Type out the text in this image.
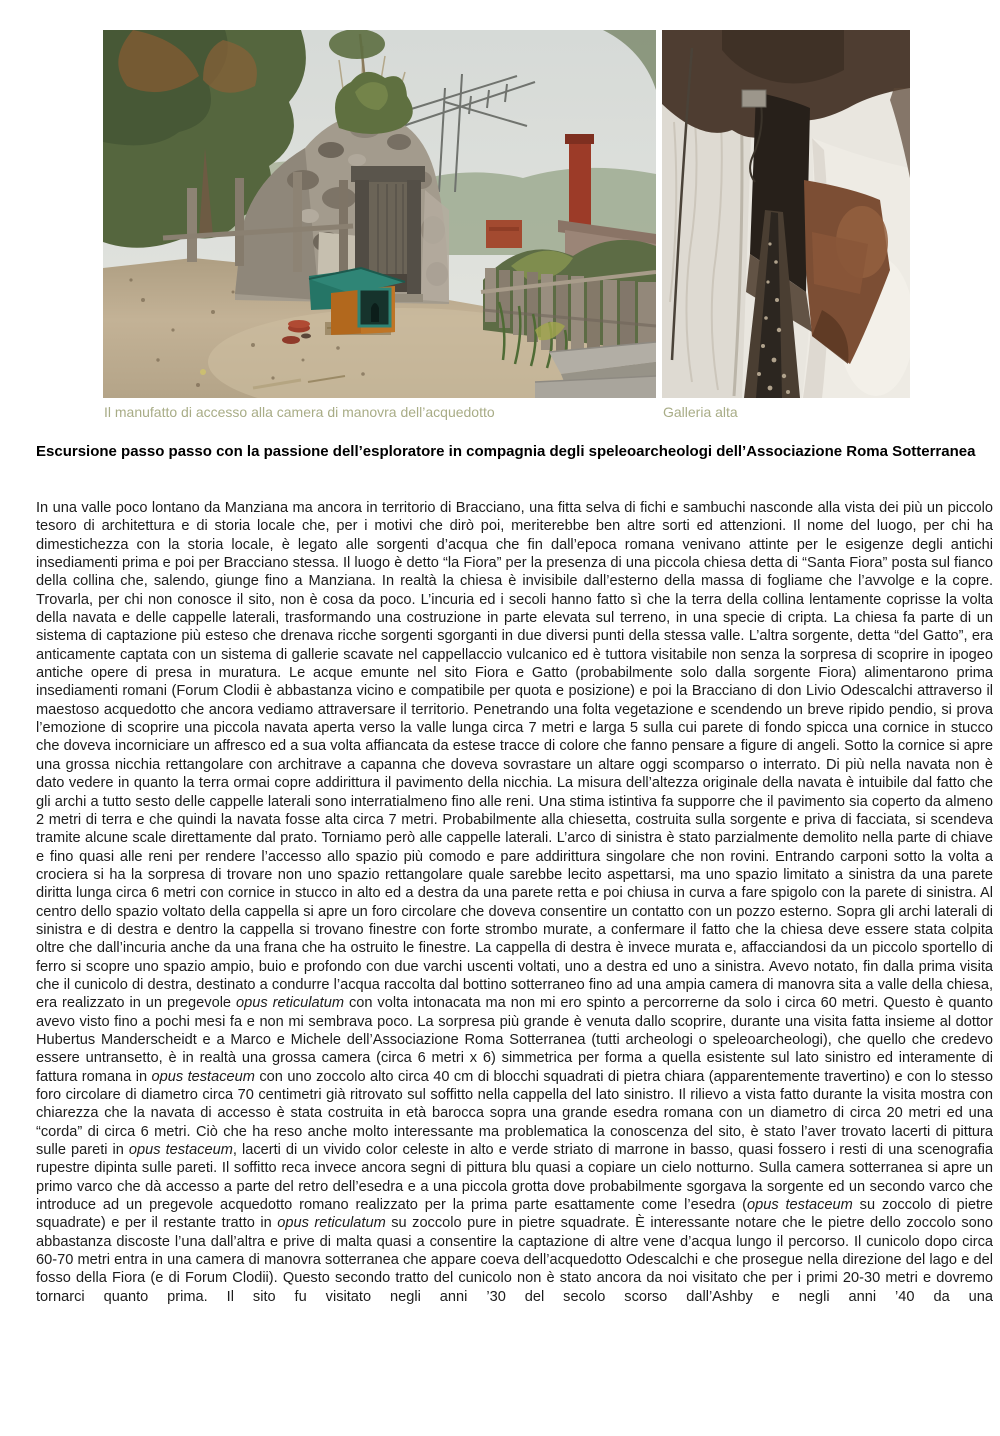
Il manufatto di accesso alla camera di manovra dell’acquedotto	Galleria alta
Escursione passo passo con la passione dell’esploratore in compagnia degli speleoarcheologi dell’Associazione Roma Sotterranea
In una valle poco lontano da Manziana ma ancora in territorio di Bracciano, una fitta selva di fichi e sambuchi nasconde alla vista dei più un piccolo tesoro di architettura e di storia locale che, per i motivi che dirò poi, meriterebbe ben altre sorti ed attenzioni. Il nome del luogo, per chi ha dimestichezza con la storia locale, è legato alle sorgenti d’acqua che fin dall’epoca romana venivano attinte per le esigenze degli antichi insediamenti prima e poi per Bracciano stessa. Il luogo è detto “la Fiora” per la presenza di una piccola chiesa detta di “Santa Fiora” posta sul fianco della collina che, salendo, giunge fino a Manziana. In realtà la chiesa è invisibile dall’esterno della massa di fogliame che l’avvolge e la copre. Trovarla, per chi non conosce il sito, non è cosa da poco. L’incuria ed i secoli hanno fatto sì che la terra della collina lentamente coprisse la volta della navata e delle cappelle laterali, trasformando una costruzione in parte elevata sul terreno, in una specie di cripta. La chiesa fa parte di un sistema di captazione più esteso che drenava ricche sorgenti sgorganti in due diversi punti della stessa valle. L’altra sorgente, detta “del Gatto”, era anticamente captata con un sistema di gallerie scavate nel cappellaccio vulcanico ed è tuttora visitabile non senza la sorpresa di scoprire in ipogeo antiche opere di presa in muratura. Le acque emunte nel sito Fiora e Gatto (probabilmente solo dalla sorgente Fiora) alimentarono prima insediamenti romani (Forum Clodii è abbastanza vicino e compatibile per quota e posizione) e poi la Bracciano di don Livio Odescalchi attraverso il maestoso acquedotto che ancora vediamo attraversare il territorio. Penetrando una folta vegetazione e scendendo un breve ripido pendio, si prova l’emozione di scoprire una piccola navata aperta verso la valle lunga circa 7 metri e larga 5 sulla cui parete di fondo spicca una cornice in stucco che doveva incorniciare un affresco ed a sua volta affiancata da estese tracce di colore che fanno pensare a figure di angeli. Sotto la cornice si apre una grossa nicchia rettangolare con architrave a capanna che doveva sovrastare un altare oggi scomparso o interrato. Di più nella navata non è dato vedere in quanto la terra ormai copre addirittura il pavimento della nicchia. La misura dell’altezza originale della navata è intuibile dal fatto che gli archi a tutto sesto delle cappelle laterali sono interratialmeno fino alle reni. Una stima istintiva fa supporre che il pavimento sia coperto da almeno 2 metri di terra e che quindi la navata fosse alta circa 7 metri. Probabilmente alla chiesetta, costruita sulla sorgente e priva di facciata, si scendeva tramite alcune scale direttamente dal prato. Torniamo però alle cappelle laterali. L’arco di sinistra è stato parzialmente demolito nella parte di chiave e fino quasi alle reni per rendere l’accesso allo spazio più comodo e pare addirittura singolare che non rovini. Entrando carponi sotto la volta a crociera si ha la sorpresa di trovare non uno spazio rettangolare quale sarebbe lecito aspettarsi, ma uno spazio limitato a sinistra da una parete diritta lunga circa 6 metri con cornice in stucco in alto ed a destra da una parete retta e poi chiusa in curva a fare spigolo con la parete di sinistra. Al centro dello spazio voltato della cappella si apre un foro circolare che doveva consentire un contatto con un pozzo esterno. Sopra gli archi laterali di sinistra e di destra e dentro la cappella si trovano finestre con forte strombo murate, a confermare il fatto che la chiesa deve essere stata colpita oltre che dall’incuria anche da una frana che ha ostruito le finestre. La cappella di destra è invece murata e, affacciandosi da un piccolo sportello di ferro si scopre uno spazio ampio, buio e profondo con due varchi uscenti voltati, uno a destra ed uno a sinistra. Avevo notato, fin dalla prima visita che il cunicolo di destra, destinato a condurre l’acqua raccolta dal bottino sotterraneo fino ad una ampia camera di manovra sita a valle della chiesa, era realizzato in un pregevole opus reticulatum con volta intonacata ma non mi ero spinto a percorrerne da solo i circa 60 metri. Questo è quanto avevo visto fino a pochi mesi fa e non mi sembrava poco. La sorpresa più grande è venuta dallo scoprire, durante una visita fatta insieme al dottor Hubertus Manderscheidt e a Marco e Michele dell’Associazione Roma Sotterranea (tutti archeologi o speleoarcheologi), che quello che credevo essere untransetto, è in realtà una grossa camera (circa 6 metri x 6) simmetrica per forma a quella esistente sul lato sinistro ed interamente di fattura romana in opus testaceum con uno zoccolo alto circa 40 cm di blocchi squadrati di pietra chiara (apparentemente travertino) e con lo stesso foro circolare di diametro circa 70 centimetri già ritrovato sul soffitto nella cappella del lato sinistro. Il rilievo a vista fatto durante la visita mostra con chiarezza che la navata di accesso è stata costruita in età barocca sopra una grande esedra romana con un diametro di circa 20 metri ed una “corda” di circa 6 metri. Ciò che ha reso anche molto interessante ma problematica la conoscenza del sito, è stato l’aver trovato lacerti di pittura sulle pareti in opus testaceum, lacerti di un vivido color celeste in alto e verde striato di marrone in basso, quasi fossero i resti di una scenografia rupestre dipinta sulle pareti. Il soffitto reca invece ancora segni di pittura blu quasi a copiare un cielo notturno. Sulla camera sotterranea si apre un primo varco che dà accesso a parte del retro dell’esedra e a una piccola grotta dove probabilmente sgorgava la sorgente ed un secondo varco che introduce ad un pregevole acquedotto romano realizzato per la prima parte esattamente come l’esedra (opus testaceum su zoccolo di pietre squadrate) e per il restante tratto in opus reticulatum su zoccolo pure in pietre squadrate. È interessante notare che le pietre dello zoccolo sono abbastanza discoste l’una dall’altra e prive di malta quasi a consentire la captazione di altre vene d’acqua lungo il percorso. Il cunicolo dopo circa 60-70 metri entra in una camera di manovra sotterranea che appare coeva dell’acquedotto Odescalchi e che prosegue nella direzione del lago e del fosso della Fiora (e di Forum Clodii). Questo secondo tratto del cunicolo non è stato ancora da noi visitato che per i primi 20-30 metri e dovremo tornarci quanto prima. Il sito fu visitato negli anni ’30 del secolo scorso dall’Ashby e negli anni ’40 da una
